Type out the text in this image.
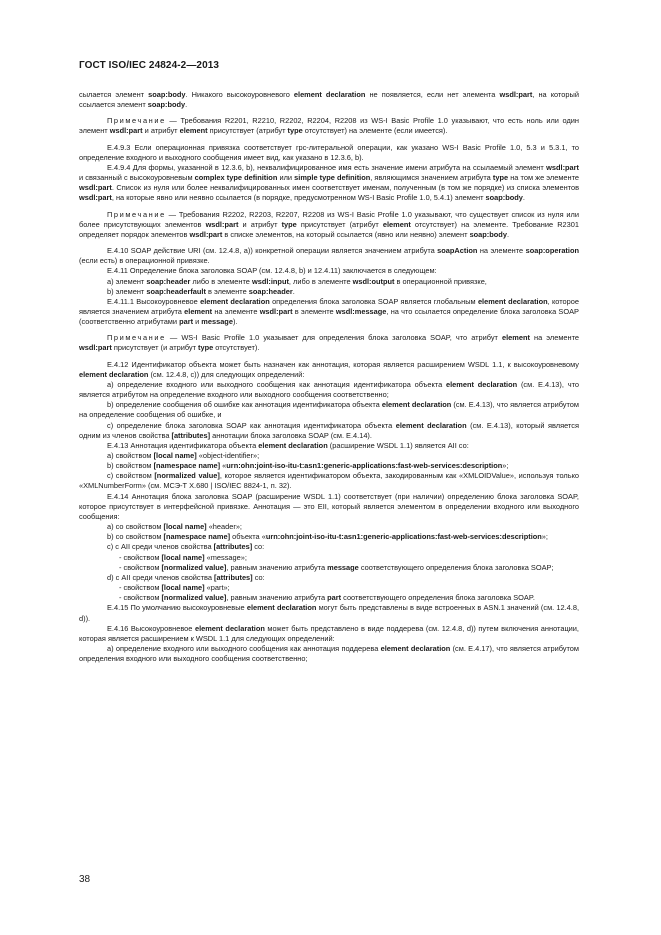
ГОСТ ISO/IEC 24824-2—2013

сылается элемент soap:body. Никакого высокоуровневого element declaration не появляется, если нет элемента wsdl:part, на который ссылается элемент soap:body.

Примечание — Требования R2201, R2210, R2202, R2204, R2208 из WS-I Basic Profile 1.0 указывают, что есть ноль или один элемент wsdl:part и атрибут element присутствует (атрибут type отсутствует) на элементе (если имеется).

E.4.9.3 Если операционная привязка соответствует rpc-литеральной операции, как указано WS-I Basic Profile 1.0, 5.3 и 5.3.1, то определение входного и выходного сообщения имеет вид, как указано в 12.3.6, b).

E.4.9.4 Для формы, указанной в 12.3.6, b), неквалифицированное имя есть значение имени атрибута на ссылаемый элемент wsdl:part и связанный с высокоуровневым complex type definition или simple type definition, являющимся значением атрибута type на том же элементе wsdl:part. Список из нуля или более неквалифицированных имен соответствует именам, полученным (в том же порядке) из списка элементов wsdl:part, на которые явно или неявно ссылается (в порядке, предусмотренном WS-I Basic Profile 1.0, 5.4.1) элемент soap:body.

Примечание — Требования R2202, R2203, R2207, R2208 из WS-I Basic Profile 1.0 указывают, что существует список из нуля или более присутствующих элементов wsdl:part и атрибут type присутствует (атрибут element отсутствует) на элементе. Требование R2301 определяет порядок элементов wsdl:part в списке элементов, на который ссылается (явно или неявно) элемент soap:body.

E.4.10 SOAP действие URI (см. 12.4.8, a)) конкретной операции является значением атрибута soapAction на элементе soap:operation (если есть) в операционной привязке.

E.4.11 Определение блока заголовка SOAP (см. 12.4.8, b) и 12.4.11) заключается в следующем:

a) элемент soap:header либо в элементе wsdl:input, либо в элементе wsdl:output в операционной привязке,

b) элемент soap:headerfault в элементе soap:header.

E.4.11.1 Высокоуровневое element declaration определения блока заголовка SOAP является глобальным element declaration, которое является значением атрибута element на элементе wsdl:part в элементе wsdl:message, на что ссылается определение блока заголовка SOAP (соответственно атрибутами part и message).

Примечание — WS-I Basic Profile 1.0 указывает для определения блока заголовка SOAP, что атрибут element на элементе wsdl:part присутствует (и атрибут type отсутствует).

E.4.12 Идентификатор объекта может быть назначен как аннотация, которая является расширением WSDL 1.1, к высокоуровневому element declaration (см. 12.4.8, c)) для следующих определений:

a) определение входного или выходного сообщения как аннотация идентификатора объекта element declaration (см. E.4.13), что является атрибутом на определение входного или выходного сообщения соответственно;

b) определение сообщения об ошибке как аннотация идентификатора объекта element declaration (см. E.4.13), что является атрибутом на определение сообщения об ошибке, и

c) определение блока заголовка SOAP как аннотация идентификатора объекта element declaration (см. E.4.13), который является одним из членов свойства [attributes] аннотации блока заголовка SOAP (см. E.4.14).

E.4.13 Аннотация идентификатора объекта element declaration (расширение WSDL 1.1) является AII со:

a) свойством [local name] «object-identifier»;

b) свойством [namespace name] «urn:ohn:joint-iso-itu-t:asn1:generic-applications:fast-web-services:description»;

c) свойством [normalized value], которое является идентификатором объекта, закодированным как «XMLOIDValue», используя только «XMLNumberForm» (см. МСЭ-Т X.680 | ISO/IEC 8824-1, п. 32).

E.4.14 Аннотация блока заголовка SOAP (расширение WSDL 1.1) соответствует (при наличии) определению блока заголовка SOAP, которое присутствует в интерфейсной привязке. Аннотация — это EII, который является элементом в определении входного или выходного сообщения:

a) со свойством [local name] «header»;

b) со свойством [namespace name] объекта «urn:ohn:joint-iso-itu-t:asn1:generic-applications:fast-web-services:description»;

c) с AII среди членов свойства [attributes] со:

- свойством [local name] «message»;

- свойством [normalized value], равным значению атрибута message соответствующего определения блока заголовка SOAP;

d) с AII среди членов свойства [attributes] со:

- свойством [local name] «part»;

- свойством [normalized value], равным значению атрибута part соответствующего определения блока заголовка SOAP.

E.4.15 По умолчанию высокоуровневые element declaration могут быть представлены в виде встроенных в ASN.1 значений (см. 12.4.8, d)).

E.4.16 Высокоуровневое element declaration может быть представлено в виде поддерева (см. 12.4.8, d)) путем включения аннотации, которая является расширением к WSDL 1.1 для следующих определений:

а) определение входного или выходного сообщения как аннотация поддерева element declaration (см. E.4.17), что является атрибутом определения входного или выходного сообщения соответственно;

38
